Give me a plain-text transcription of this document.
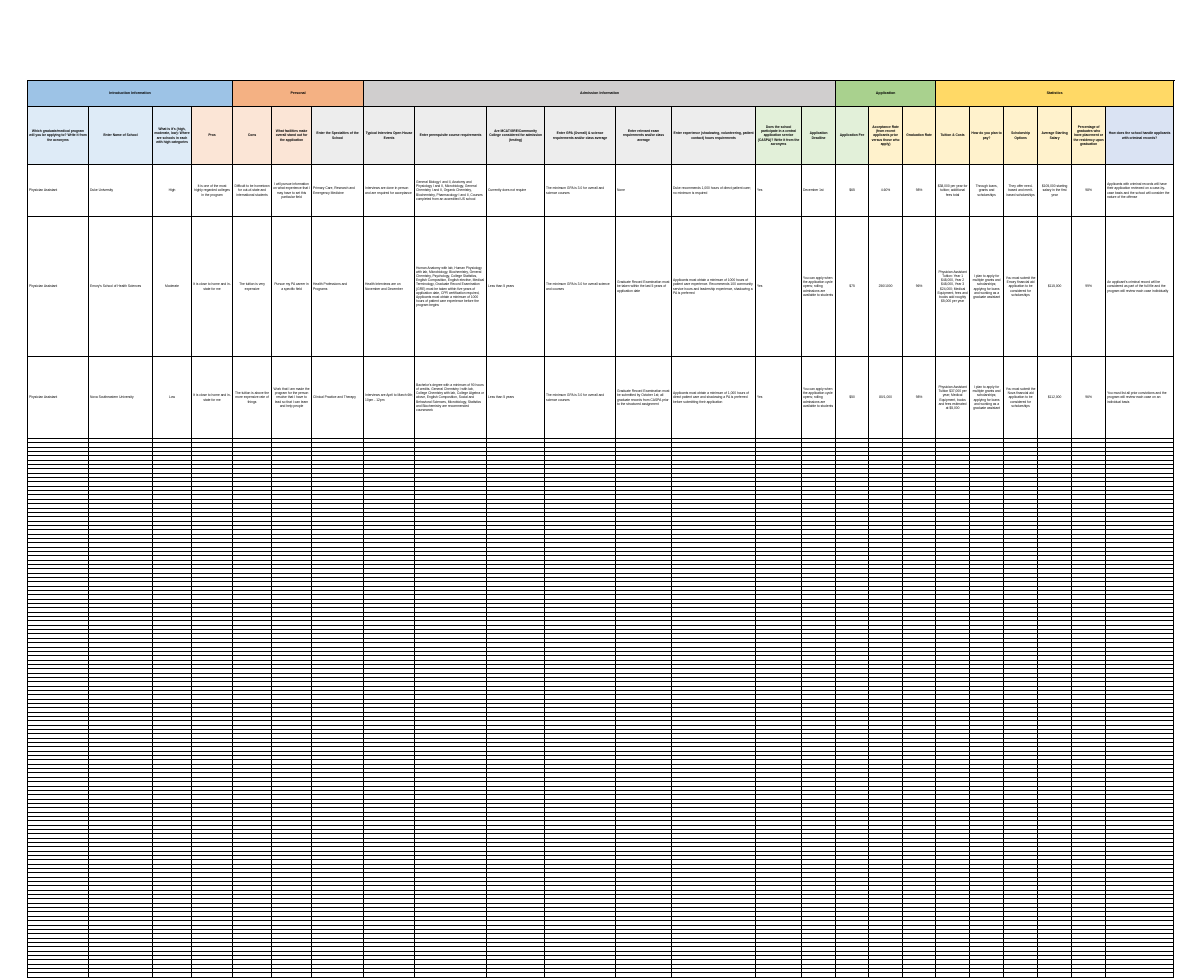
Introduction Information				Personal			Admission Information								Application			Statistics	
Which graduate/medical program will you be applying to? Write it from the acronyms	Enter Name of School	What is it's (high, moderate, low): Where are schools in each with high categories	Pros	Cons	What facilities make overall stand out for the application	Enter the Specialties of the School	Typical Interview Open House Events	Enter prerequisite course requirements	Are MCAT/GRE/Community College considered for admission (testing)	Enter GPA (Overall) & science requirements and/or class average	Enter relevant exam requirements and/or class average	Enter experience (shadowing, volunteering, patient contact) hours requirements	Does the school participate in a central application service (CASPA)? Write it from the acronyms	Application Deadline	Application Fee	Acceptance Rate (from recent applicants prior versus those who apply)	Graduation Rate	Tuition & Costs	How do you plan to pay?	Scholarship Options	Average Starting Salary	Percentage of graduates who have placement or the residency upon graduation	How does the school handle applicants with criminal records?	
Physician Assistant	Duke University	High	It is one of the most highly regarded colleges in the program	Difficult to be hometown for out-of-state and international students	I will pursue information on what experience that I may have to set this particular field	Primary Care, Research and Emergency Medicine	Interviews are done in person and are required for acceptance	General Biology I and II, Anatomy and Physiology I and II, Microbiology, General Chemistry I and II, Organic Chemistry, Biochemistry, Pharmacology I and II, Courses completed from an accredited US school	Currently does not require	The minimum GPA is 3.0 for overall and science courses	None	Duke recommends 1,000 hours of direct patient care; no minimum is required	Yes	December 1st	$65	4.60%	98%	$38,000 per year for tuition; additional fees total	Through loans, grants and scholarships	They offer need-based and merit-based scholarships	$105,000 starting salary in the first year	98%	Applicants with criminal records will have their application reviewed on a case-by-case basis and the school will consider the nature of the offense	
Physician Assistant	Emory's School of Health Sciences	Moderate	It is close to home and in-state for me	The tuition is very expensive	Pursue my PA career in a specific field	Health Professions and Programs	Health Interviews are on November and December	Human Anatomy with lab, Human Physiology with lab, Microbiology, Biochemistry, General Chemistry, Psychology, College Statistics, English Composition, English elective, Medical Terminology, Graduate Record Examination (GRE) must be taken within five years of application date, CPR certification required, Applicants must obtain a minimum of 1000 hours of patient care experience before the program begins	Less than 5 years	The minimum GPA is 3.0 for overall science and courses	Graduate Record Examination must be taken within the last 5 years of application date	Applicants must obtain a minimum of 1000 hours of patient care experience. Recommends 100 community service hours and leadership experience, shadowing a PA is preferred	Yes	You can apply when the application cycle opens; rolling admissions are available to students	$75	250/1000	96%	Physician Assistant Tuition: Year 1 $48,000, Year 2 $48,000, Year 3 $24,000; Medical Equipment, fees and books add roughly $5,000 per year	I plan to apply for multiple grants and scholarships; applying for loans and working as a graduate assistant	You must submit the Emory financial aid application to be considered for scholarships	$115,000	99%	An applicant's criminal record will be considered as part of the full file and the program will review each case individually	
Physician Assistant	Nova Southeastern University	Low	It is close to home and in-state for me	The tuition is above the more expensive rate of things	Work that I am made the program for the person resolve that I have to lead so that I can learn and help people	Clinical Practice and Therapy	Interviews are April to March 6th; 10pm - 12pm	Bachelor's degree with a minimum of 90 hours of credits. General Chemistry I with lab, College Chemistry with lab, College Algebra or above, English Composition, Social and Behavioral Sciences, Microbiology, Statistics and Biochemistry are recommended coursework	Less than 5 years	The minimum GPA is 3.0 for overall and science courses	Graduate Record Examination must be submitted by October 1st; all graduate records from CASPA prior to the structured assignment	Applicants must obtain a minimum of 1,000 hours of direct patient care and shadowing a PA is preferred before submitting their application	Yes	You can apply when the application cycle opens; rolling admissions are available to students	$50	80/1,000	98%	Physician Assistant Tuition $37,000 per year; Medical Equipment, books and fees estimated at $5,000	I plan to apply for multiple grants and scholarships; applying for loans and working as a graduate assistant	You must submit the Nova financial aid application to be considered for scholarships	$112,000	96%	You must list all prior convictions and the program will review each case on an individual basis	
